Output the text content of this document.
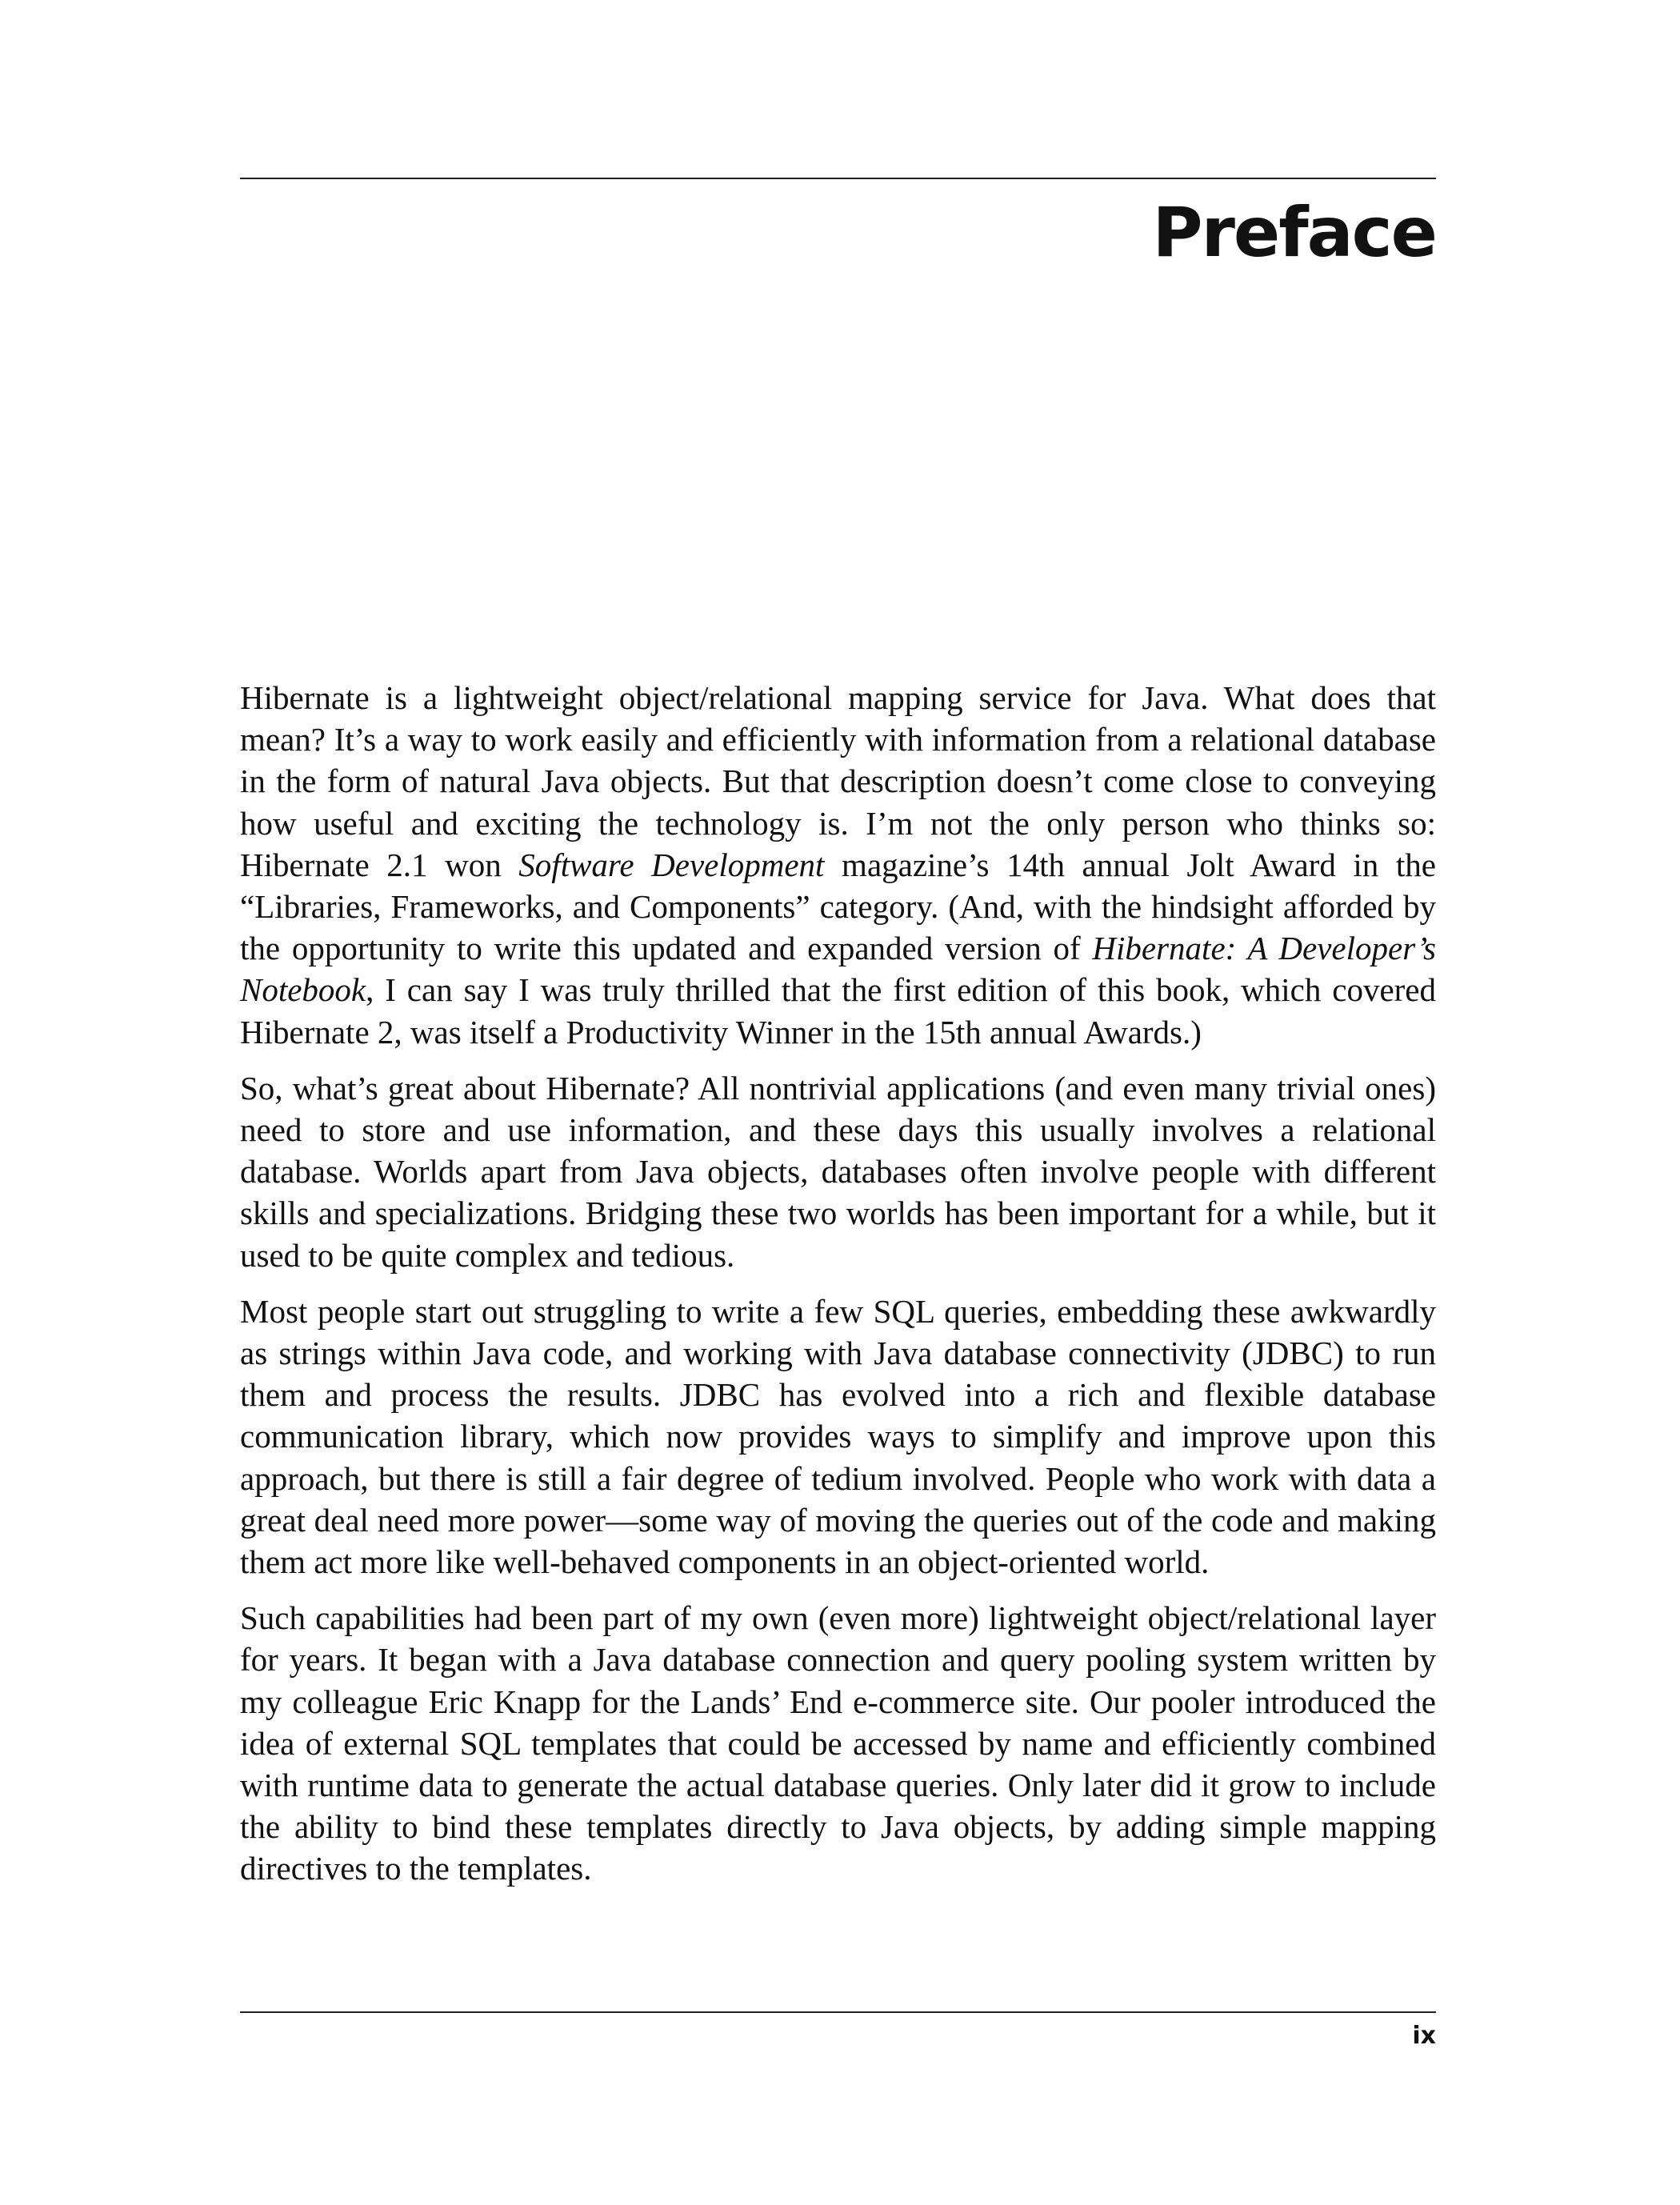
Preface

Hibernate is a lightweight object/relational mapping service for Java. What does that mean? It’s a way to work easily and efficiently with information from a relational database in the form of natural Java objects. But that description doesn’t come close to conveying how useful and exciting the technology is. I’m not the only person who thinks so: Hibernate 2.1 won Software Development magazine’s 14th annual Jolt Award in the “Libraries, Frameworks, and Components” category. (And, with the hindsight afforded by the opportunity to write this updated and expanded version of Hibernate: A Developer’s Notebook, I can say I was truly thrilled that the first edition of this book, which covered Hibernate 2, was itself a Productivity Winner in the 15th annual Awards.)

So, what’s great about Hibernate? All nontrivial applications (and even many trivial ones) need to store and use information, and these days this usually involves a relational database. Worlds apart from Java objects, databases often involve people with different skills and specializations. Bridging these two worlds has been important for a while, but it used to be quite complex and tedious.

Most people start out struggling to write a few SQL queries, embedding these awkwardly as strings within Java code, and working with Java database connectivity (JDBC) to run them and process the results. JDBC has evolved into a rich and flexible database communication library, which now provides ways to simplify and improve upon this approach, but there is still a fair degree of tedium involved. People who work with data a great deal need more power—some way of moving the queries out of the code and making them act more like well-behaved components in an object-oriented world.

Such capabilities had been part of my own (even more) lightweight object/relational layer for years. It began with a Java database connection and query pooling system written by my colleague Eric Knapp for the Lands’ End e-commerce site. Our pooler introduced the idea of external SQL templates that could be accessed by name and efficiently combined with runtime data to generate the actual database queries. Only later did it grow to include the ability to bind these templates directly to Java objects, by adding simple mapping directives to the templates.

ix
